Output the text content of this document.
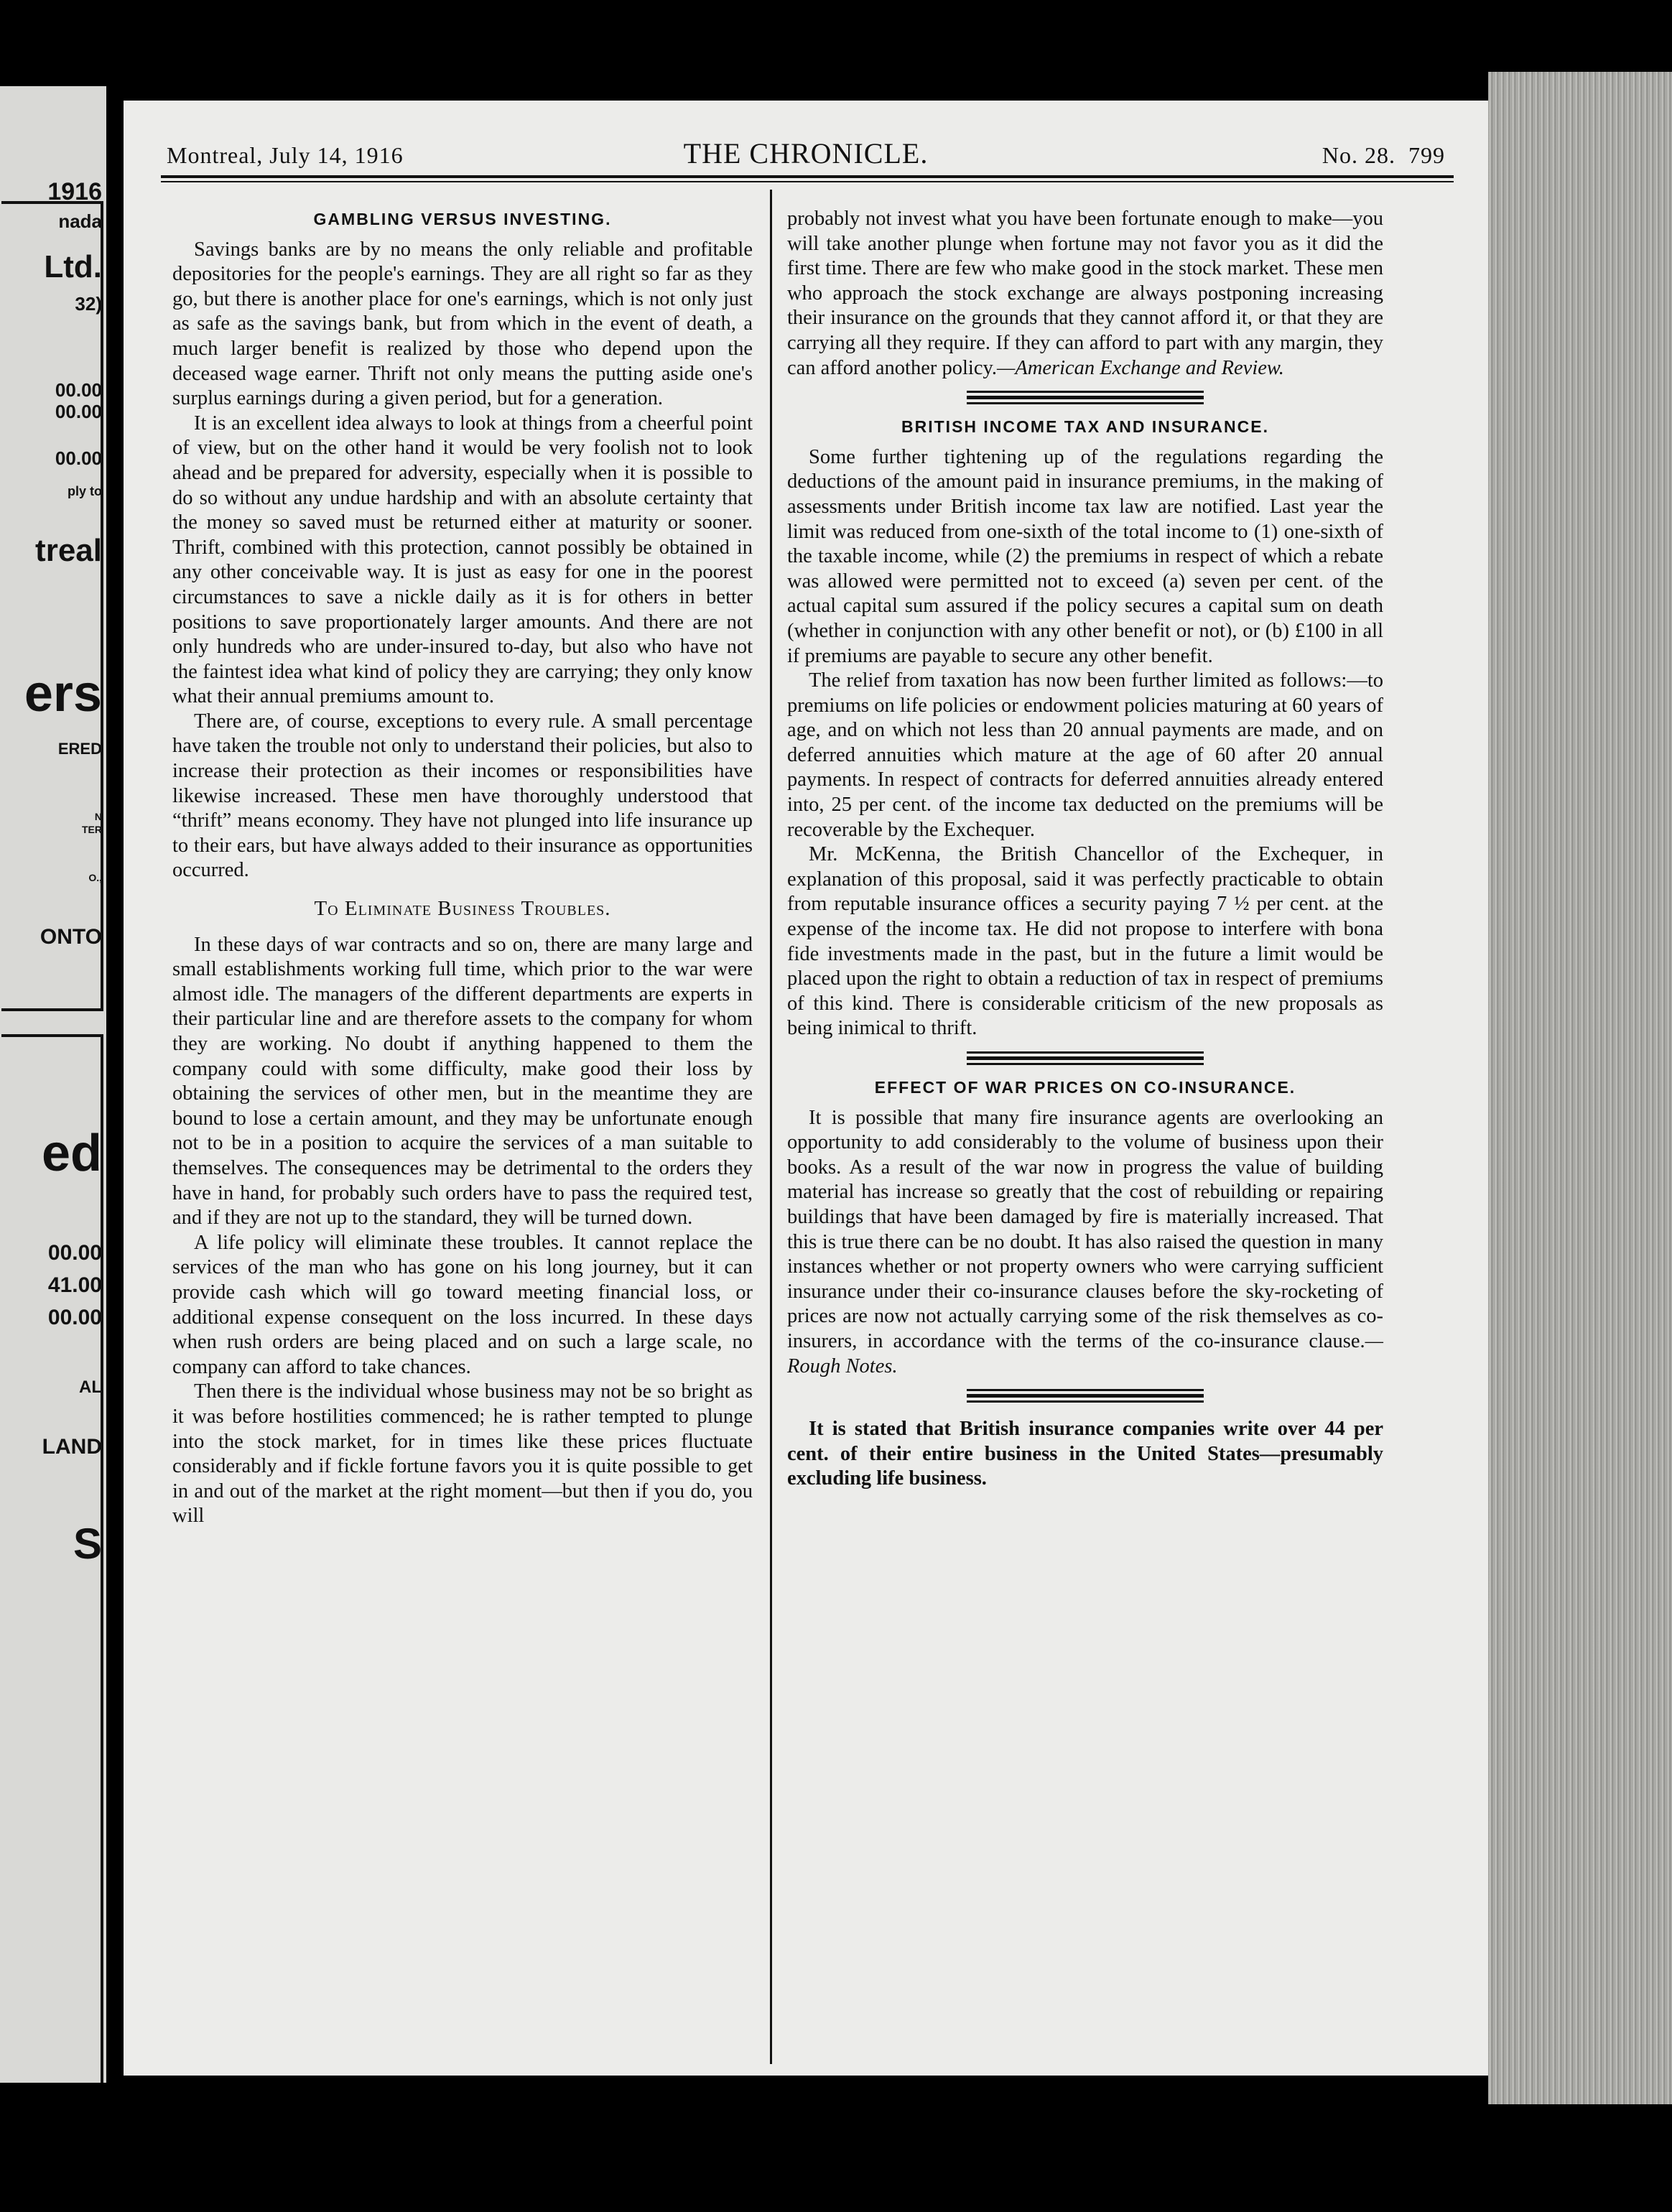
1916
nada
Ltd.
32)
00.00
00.00
00.00
ply to
treal
ers
ERED
N
TER
O.,
ONTO
ed
00.00
41.00
00.00
AL
LAND
S
Montreal, July 14, 1916	THE CHRONICLE.	No. 28. 799
GAMBLING VERSUS INVESTING.

Savings banks are by no means the only reliable and profitable depositories for the people's earnings. They are all right so far as they go, but there is another place for one's earnings, which is not only just as safe as the savings bank, but from which in the event of death, a much larger benefit is realized by those who depend upon the deceased wage earner. Thrift not only means the putting aside one's surplus earnings during a given period, but for a generation.

It is an excellent idea always to look at things from a cheerful point of view, but on the other hand it would be very foolish not to look ahead and be prepared for adversity, especially when it is possible to do so without any undue hardship and with an absolute certainty that the money so saved must be returned either at maturity or sooner. Thrift, combined with this protection, cannot possibly be obtained in any other conceivable way. It is just as easy for one in the poorest circumstances to save a nickle daily as it is for others in better positions to save proportionately larger amounts. And there are not only hundreds who are under-insured to-day, but also who have not the faintest idea what kind of policy they are carrying; they only know what their annual premiums amount to.

There are, of course, exceptions to every rule. A small percentage have taken the trouble not only to understand their policies, but also to increase their protection as their incomes or responsibilities have likewise increased. These men have thoroughly understood that “thrift” means economy. They have not plunged into life insurance up to their ears, but have always added to their insurance as opportunities occurred.

To Eliminate Business Troubles.

In these days of war contracts and so on, there are many large and small establishments working full time, which prior to the war were almost idle. The managers of the different departments are experts in their particular line and are therefore assets to the company for whom they are working. No doubt if anything happened to them the company could with some difficulty, make good their loss by obtaining the services of other men, but in the meantime they are bound to lose a certain amount, and they may be unfortunate enough not to be in a position to acquire the services of a man suitable to themselves. The consequences may be detrimental to the orders they have in hand, for probably such orders have to pass the required test, and if they are not up to the standard, they will be turned down.

A life policy will eliminate these troubles. It cannot replace the services of the man who has gone on his long journey, but it can provide cash which will go toward meeting financial loss, or additional expense consequent on the loss incurred. In these days when rush orders are being placed and on such a large scale, no company can afford to take chances.

Then there is the individual whose business may not be so bright as it was before hostilities commenced; he is rather tempted to plunge into the stock market, for in times like these prices fluctuate considerably and if fickle fortune favors you it is quite possible to get in and out of the market at the right moment—but then if you do, you will

probably not invest what you have been fortunate enough to make—you will take another plunge when fortune may not favor you as it did the first time. There are few who make good in the stock market. These men who approach the stock exchange are always postponing increasing their insurance on the grounds that they cannot afford it, or that they are carrying all they require. If they can afford to part with any margin, they can afford another policy.—American Exchange and Review.

BRITISH INCOME TAX AND INSURANCE.

Some further tightening up of the regulations regarding the deductions of the amount paid in insurance premiums, in the making of assessments under British income tax law are notified. Last year the limit was reduced from one-sixth of the total income to (1) one-sixth of the taxable income, while (2) the premiums in respect of which a rebate was allowed were permitted not to exceed (a) seven per cent. of the actual capital sum assured if the policy secures a capital sum on death (whether in conjunction with any other benefit or not), or (b) £100 in all if premiums are payable to secure any other benefit.

The relief from taxation has now been further limited as follows:—to premiums on life policies or endowment policies maturing at 60 years of age, and on which not less than 20 annual payments are made, and on deferred annuities which mature at the age of 60 after 20 annual payments. In respect of contracts for deferred annuities already entered into, 25 per cent. of the income tax deducted on the premiums will be recoverable by the Exchequer.

Mr. McKenna, the British Chancellor of the Exchequer, in explanation of this proposal, said it was perfectly practicable to obtain from reputable insurance offices a security paying 7 ½ per cent. at the expense of the income tax. He did not propose to interfere with bona fide investments made in the past, but in the future a limit would be placed upon the right to obtain a reduction of tax in respect of premiums of this kind. There is considerable criticism of the new proposals as being inimical to thrift.

EFFECT OF WAR PRICES ON CO-INSURANCE.

It is possible that many fire insurance agents are overlooking an opportunity to add considerably to the volume of business upon their books. As a result of the war now in progress the value of building material has increase so greatly that the cost of rebuilding or repairing buildings that have been damaged by fire is materially increased. That this is true there can be no doubt. It has also raised the question in many instances whether or not property owners who were carrying sufficient insurance under their co-insurance clauses before the sky-rocketing of prices are now not actually carrying some of the risk themselves as co-insurers, in accordance with the terms of the co-insurance clause.—Rough Notes.

It is stated that British insurance companies write over 44 per cent. of their entire business in the United States—presumably excluding life business.
